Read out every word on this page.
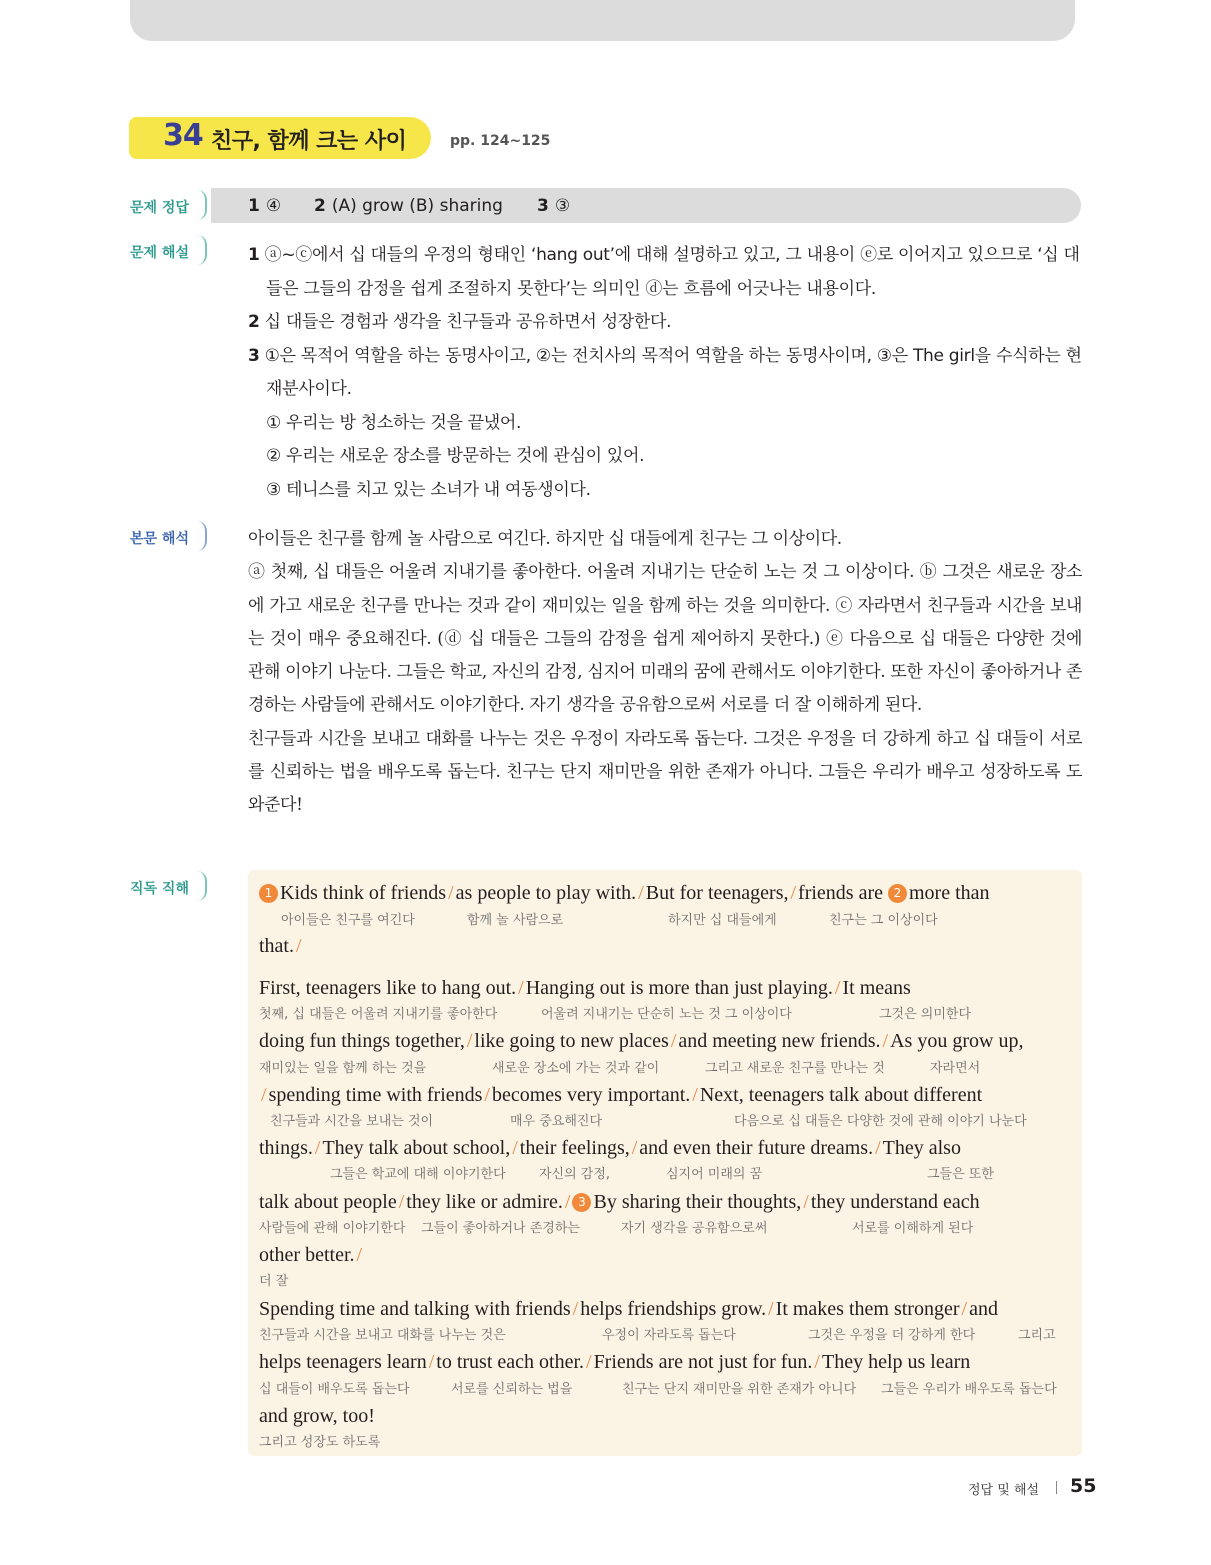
34 친구, 함께 크는 사이	pp. 124~125
문제 정답	1 ④ 2 (A) grow (B) sharing 3 ③
문제 해설	1 ⓐ~ⓒ에서 십 대들의 우정의 형태인 ‘hang out’에 대해 설명하고 있고, 그 내용이 ⓔ로 이어지고 있으므로 ‘십 대
들은 그들의 감정을 쉽게 조절하지 못한다’는 의미인 ⓓ는 흐름에 어긋나는 내용이다.
2 십 대들은 경험과 생각을 친구들과 공유하면서 성장한다.
3 ①은 목적어 역할을 하는 동명사이고, ②는 전치사의 목적어 역할을 하는 동명사이며, ③은 The girl을 수식하는 현
재분사이다.
① 우리는 방 청소하는 것을 끝냈어.
② 우리는 새로운 장소를 방문하는 것에 관심이 있어.
③ 테니스를 치고 있는 소녀가 내 여동생이다.
본문 해석	아이들은 친구를 함께 놀 사람으로 여긴다. 하지만 십 대들에게 친구는 그 이상이다.

ⓐ 첫째, 십 대들은 어울려 지내기를 좋아한다. 어울려 지내기는 단순히 노는 것 그 이상이다. ⓑ 그것은 새로운 장소에 가고 새로운 친구를 만나는 것과 같이 재미있는 일을 함께 하는 것을 의미한다. ⓒ 자라면서 친구들과 시간을 보내는 것이 매우 중요해진다. (ⓓ 십 대들은 그들의 감정을 쉽게 제어하지 못한다.) ⓔ 다음으로 십 대들은 다양한 것에 관해 이야기 나눈다. 그들은 학교, 자신의 감정, 심지어 미래의 꿈에 관해서도 이야기한다. 또한 자신이 좋아하거나 존경하는 사람들에 관해서도 이야기한다. 자기 생각을 공유함으로써 서로를 더 잘 이해하게 된다.

친구들과 시간을 보내고 대화를 나누는 것은 우정이 자라도록 돕는다. 그것은 우정을 더 강하게 하고 십 대들이 서로를 신뢰하는 법을 배우도록 돕는다. 친구는 단지 재미만을 위한 존재가 아니다. 그들은 우리가 배우고 성장하도록 도와준다!

직독 직해	1 Kids think of friends / as people to play with. / But for teenagers, / friends are 2 more than
아이들은 친구를 여긴다	함께 놀 사람으로	하지만 십 대들에게	친구는 그 이상이다
that. /
First, teenagers like to hang out. / Hanging out is more than just playing. / It means
첫째, 십 대들은 어울려 지내기를 좋아한다	어울려 지내기는 단순히 노는 것 그 이상이다	그것은 의미한다
doing fun things together, / like going to new places / and meeting new friends. / As you grow up,
재미있는 일을 함께 하는 것을	새로운 장소에 가는 것과 같이	그리고 새로운 친구를 만나는 것	자라면서
/ spending time with friends / becomes very important. / Next, teenagers talk about different
친구들과 시간을 보내는 것이	매우 중요해진다	다음으로 십 대들은 다양한 것에 관해 이야기 나눈다
things. / They talk about school, / their feelings, / and even their future dreams. / They also
그들은 학교에 대해 이야기한다	자신의 감정,	심지어 미래의 꿈	그들은 또한
talk about people / they like or admire. / 3 By sharing their thoughts, / they understand each
사람들에 관해 이야기한다 그들이 좋아하거나 존경하는	자기 생각을 공유함으로써	서로를 이해하게 된다
other better. /
더 잘
Spending time and talking with friends / helps friendships grow. / It makes them stronger / and
친구들과 시간을 보내고 대화를 나누는 것은	우정이 자라도록 돕는다	그것은 우정을 더 강하게 한다	그리고
helps teenagers learn / to trust each other. / Friends are not just for fun. / They help us learn
십 대들이 배우도록 돕는다	서로를 신뢰하는 법을	친구는 단지 재미만을 위한 존재가 아니다 그들은 우리가 배우도록 돕는다
and grow, too!
그리고 성장도 하도록
정답 및 해설 55
